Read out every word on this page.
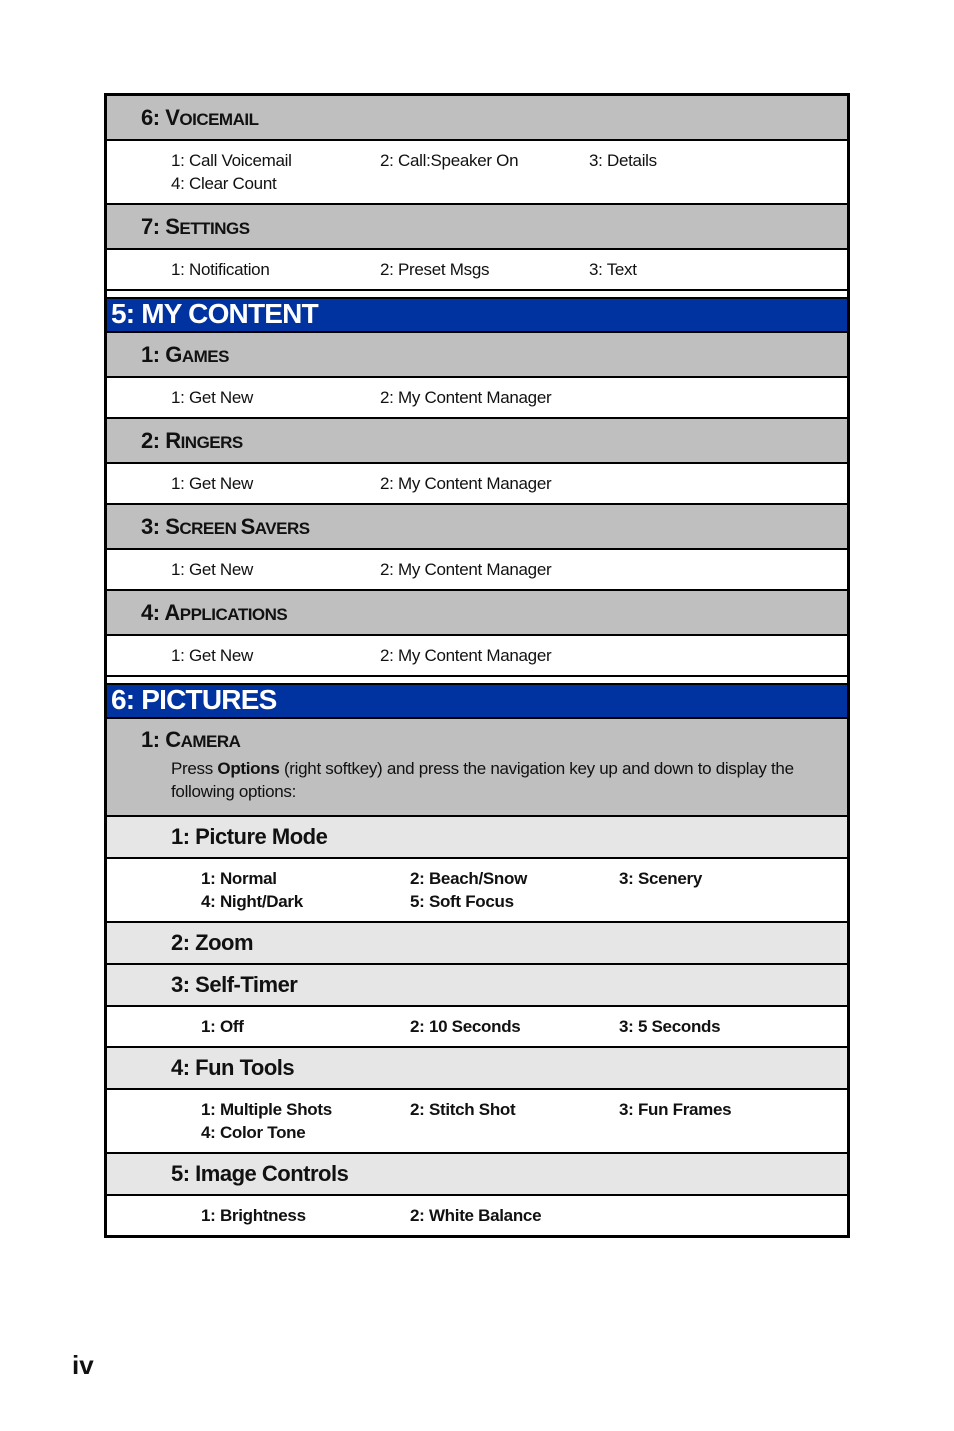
6: VOICEMAIL
1: Call Voicemail	2: Call:Speaker On	3: Details
4: Clear Count
7: SETTINGS
1: Notification	2: Preset Msgs	3: Text
5: MY CONTENT
1: GAMES
1: Get New	2: My Content Manager
2: RINGERS
1: Get New	2: My Content Manager
3: SCREEN SAVERS
1: Get New	2: My Content Manager
4: APPLICATIONS
1: Get New	2: My Content Manager
6: PICTURES
1: CAMERA
Press Options (right softkey) and press the navigation key up and down to display the following options:
1: Picture Mode
1: Normal	2: Beach/Snow	3: Scenery
4: Night/Dark	5: Soft Focus
2: Zoom
3: Self-Timer
1: Off	2: 10 Seconds	3: 5 Seconds
4: Fun Tools
1: Multiple Shots	2: Stitch Shot	3: Fun Frames
4: Color Tone
5: Image Controls
1: Brightness	2: White Balance
iv
